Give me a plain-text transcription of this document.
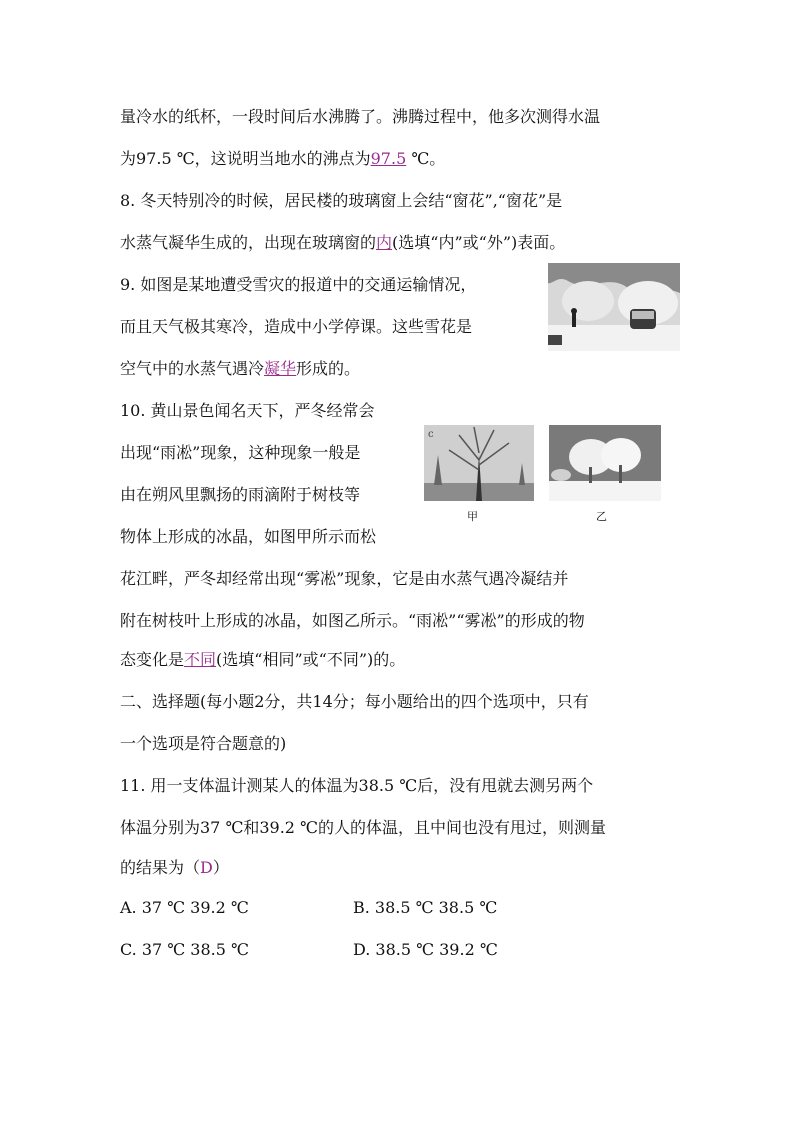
量冷水的纸杯，一段时间后水沸腾了。沸腾过程中，他多次测得水温
为97.5 ℃，这说明当地水的沸点为97.5 ℃。
8. 冬天特别冷的时候，居民楼的玻璃窗上会结“窗花”,“窗花”是
水蒸气凝华生成的，出现在玻璃窗的内(选填“内”或“外”)表面。
9. 如图是某地遭受雪灾的报道中的交通运输情况，
而且天气极其寒冷，造成中小学停课。这些雪花是
空气中的水蒸气遇冷凝华形成的。
10. 黄山景色闻名天下，严冬经常会
出现“雨凇”现象，这种现象一般是
由在朔风里飘扬的雨滴附于树枝等
物体上形成的冰晶，如图甲所示而松
ⅽ
甲	乙
花江畔，严冬却经常出现“雾凇”现象，它是由水蒸气遇冷凝结并
附在树枝叶上形成的冰晶，如图乙所示。“雨凇”“雾凇”的形成的物
态变化是不同(选填“相同”或“不同”)的。
二、选择题(每小题2分，共14分；每小题给出的四个选项中，只有
一个选项是符合题意的)
11. 用一支体温计测某人的体温为38.5 ℃后，没有甩就去测另两个
体温分别为37 ℃和39.2 ℃的人的体温，且中间也没有甩过，则测量
的结果为（D）
A. 37 ℃ 39.2 ℃	B. 38.5 ℃ 38.5 ℃
C. 37 ℃ 38.5 ℃	D. 38.5 ℃ 39.2 ℃
